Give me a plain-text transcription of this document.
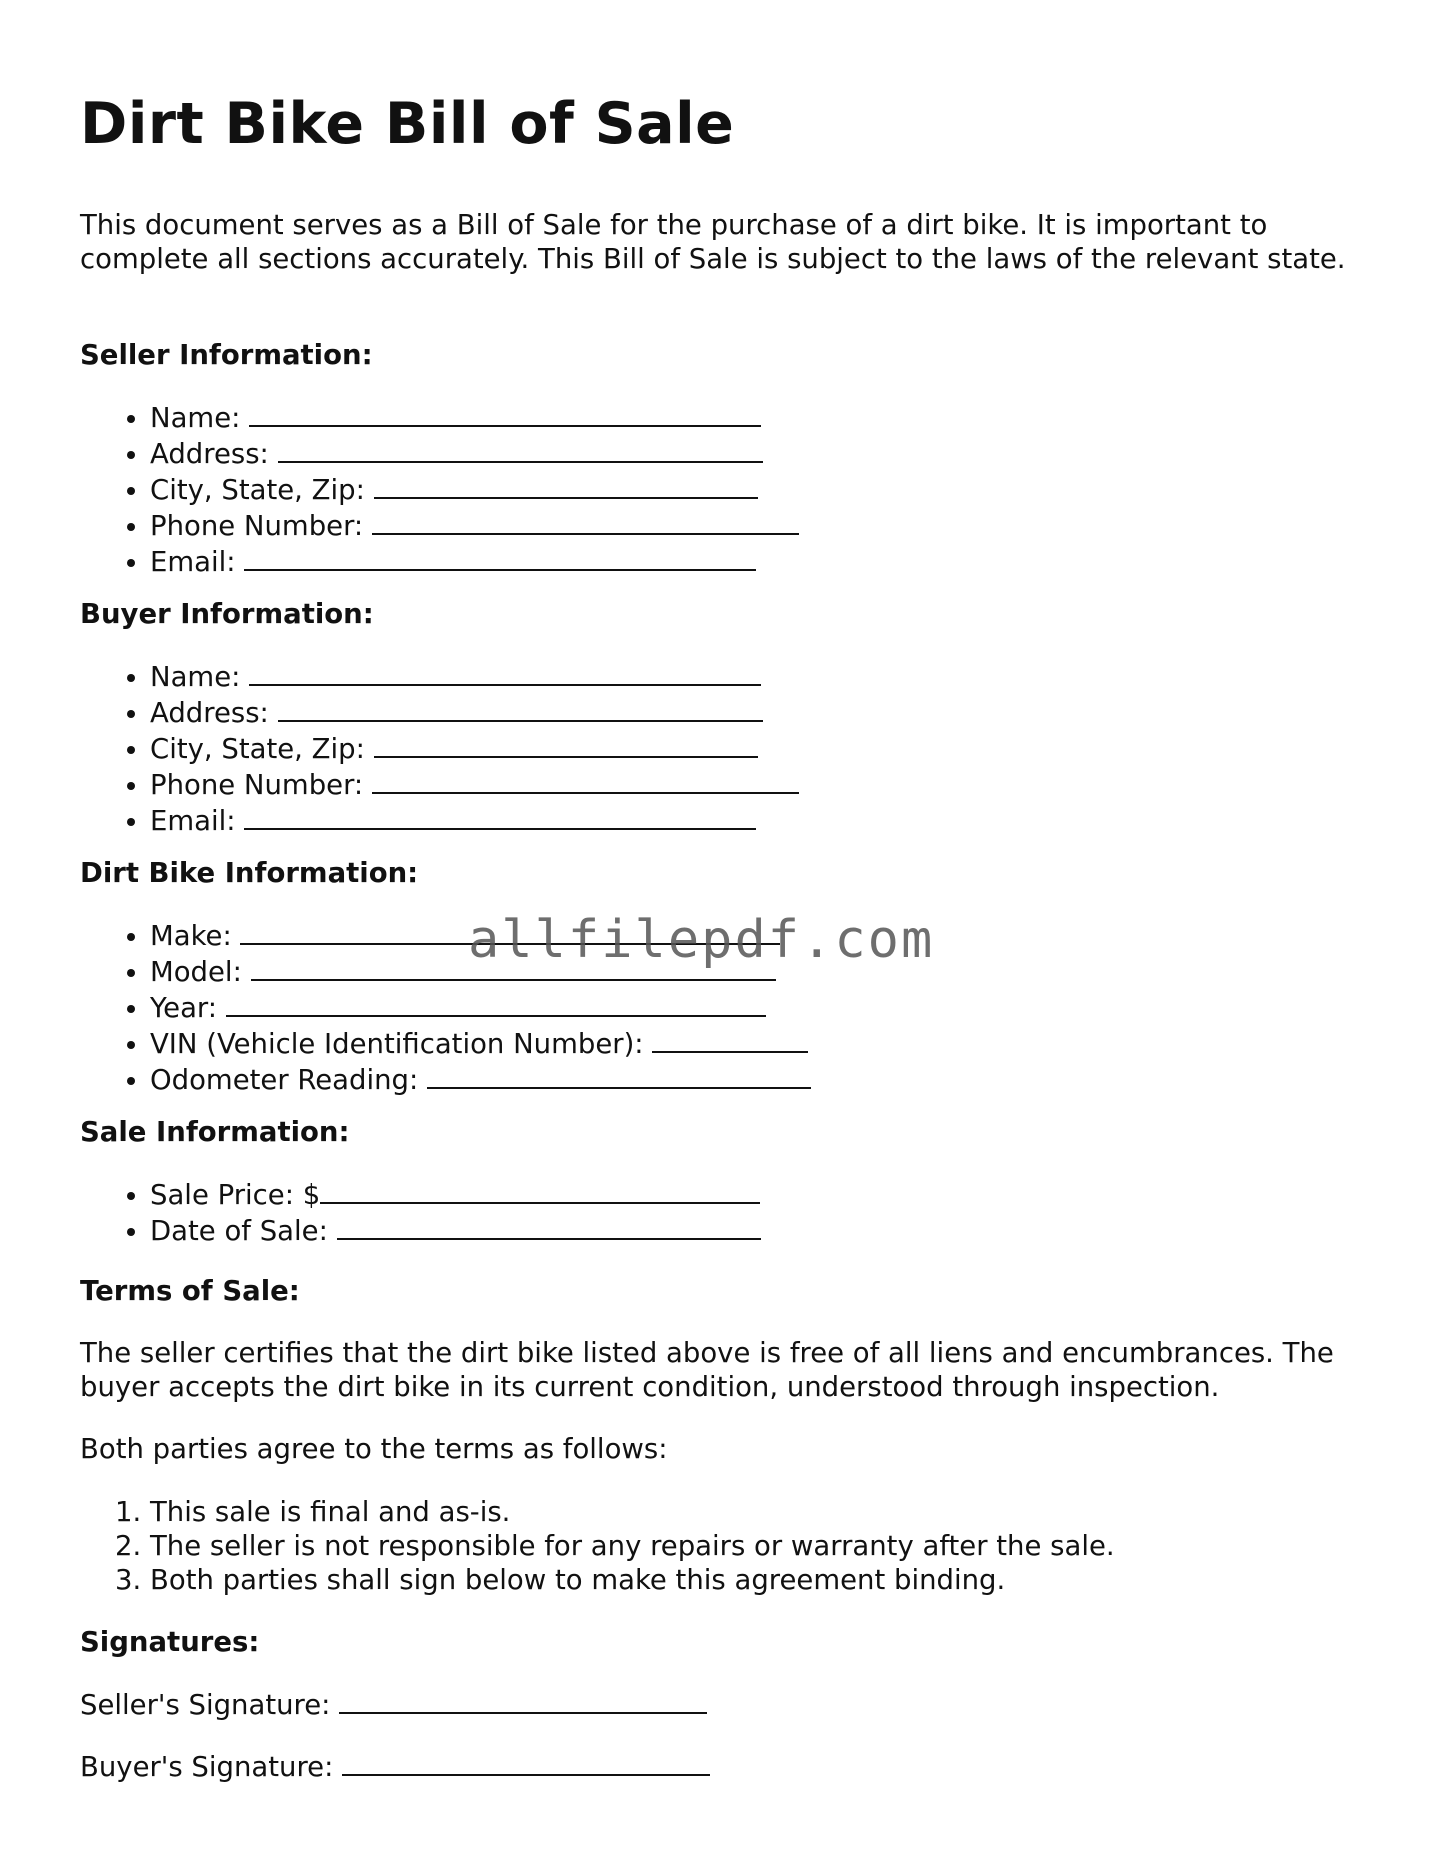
Dirt Bike Bill of Sale

This document serves as a Bill of Sale for the purchase of a dirt bike. It is important to complete all sections accurately. This Bill of Sale is subject to the laws of the relevant state.

Seller Information:
• Name:
• Address:
• City, State, Zip:
• Phone Number:
• Email:
Buyer Information:
• Name:
• Address:
• City, State, Zip:
• Phone Number:
• Email:
Dirt Bike Information:
• Make:
• Model:
• Year:
• VIN (Vehicle Identification Number):
• Odometer Reading:
Sale Information:
• Sale Price: $
• Date of Sale:
Terms of Sale:

The seller certifies that the dirt bike listed above is free of all liens and encumbrances. The buyer accepts the dirt bike in its current condition, understood through inspection.

Both parties agree to the terms as follows:

1. This sale is final and as-is.
2. The seller is not responsible for any repairs or warranty after the sale.
3. Both parties shall sign below to make this agreement binding.
Signatures:

Seller's Signature:

Buyer's Signature:

allfilepdf.com
